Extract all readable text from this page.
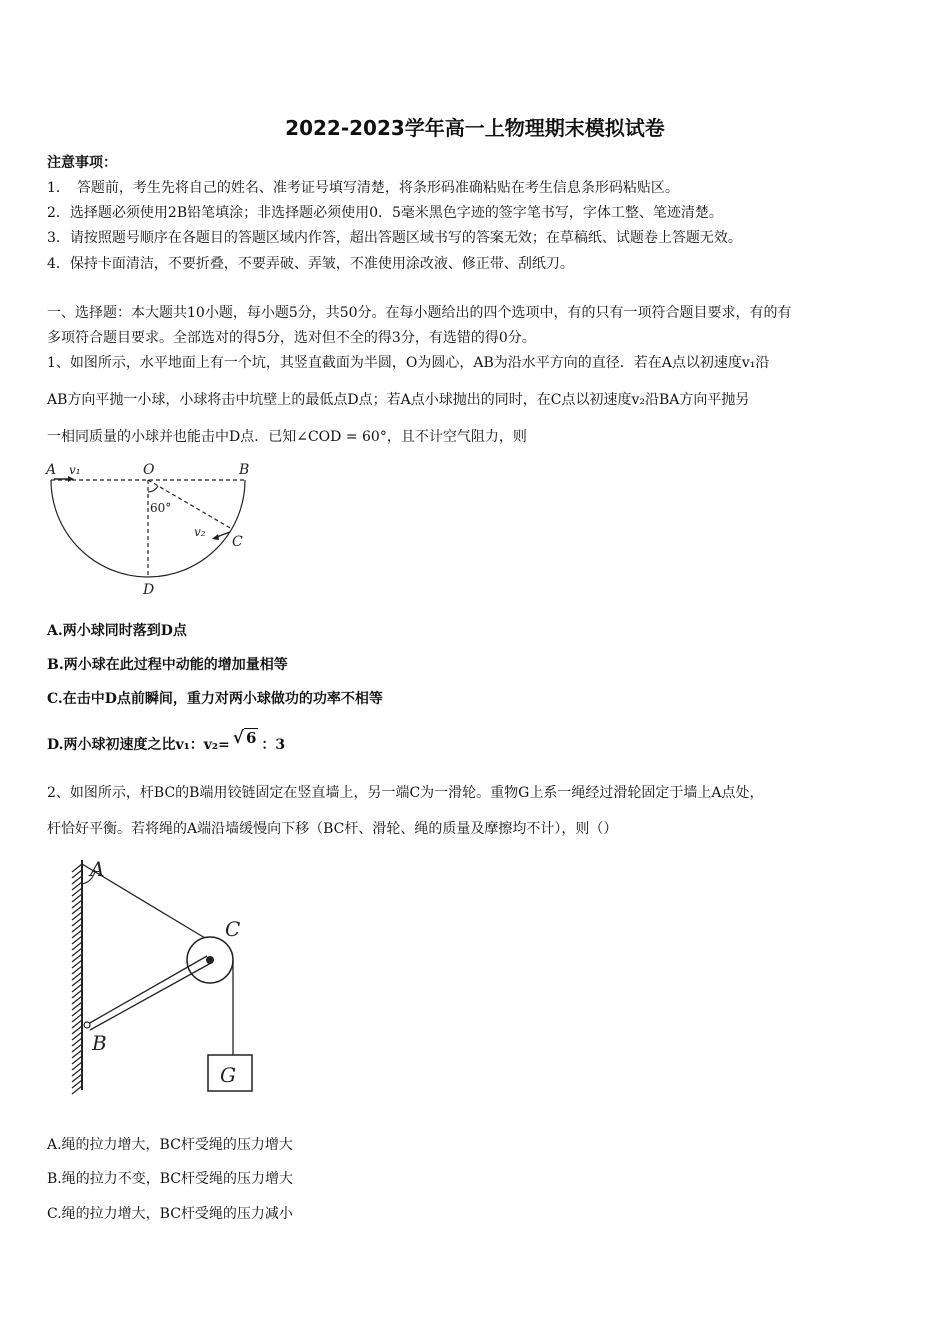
2022-2023学年高一上物理期末模拟试卷
注意事项：
1．　答题前，考生先将自己的姓名、准考证号填写清楚，将条形码准确粘贴在考生信息条形码粘贴区。
2．选择题必须使用2B铅笔填涂；非选择题必须使用0．5毫米黑色字迹的签字笔书写，字体工整、笔迹清楚。
3．请按照题号顺序在各题目的答题区域内作答，超出答题区域书写的答案无效；在草稿纸、试题卷上答题无效。
4．保持卡面清洁，不要折叠，不要弄破、弄皱，不准使用涂改液、修正带、刮纸刀。
一、选择题：本大题共10小题，每小题5分，共50分。在每小题给出的四个选项中，有的只有一项符合题目要求，有的有
多项符合题目要求。全部选对的得5分，选对但不全的得3分，有选错的得0分。
1、如图所示，水平地面上有一个坑，其竖直截面为半圆，O为圆心，AB为沿水平方向的直径．若在A点以初速度v₁沿
AB方向平抛一小球，小球将击中坑壁上的最低点D点；若A点小球抛出的同时，在C点以初速度v₂沿BA方向平抛另
一相同质量的小球并也能击中D点．已知∠COD = 60°，且不计空气阻力，则
A v₁	O	B
60°
v₂
C
D
A.两小球同时落到D点
B.两小球在此过程中动能的增加量相等
C.在击中D点前瞬间，重力对两小球做功的功率不相等
D.两小球初速度之比v₁：v₂= √ 6 ：3
2、如图所示，杆BC的B端用铰链固定在竖直墙上，另一端C为一滑轮。重物G上系一绳经过滑轮固定于墙上A点处，
杆恰好平衡。若将绳的A端沿墙缓慢向下移（BC杆、滑轮、绳的质量及摩擦均不计），则（）
A
C
B
G
A.绳的拉力增大，BC杆受绳的压力增大
B.绳的拉力不变，BC杆受绳的压力增大
C.绳的拉力增大，BC杆受绳的压力减小
